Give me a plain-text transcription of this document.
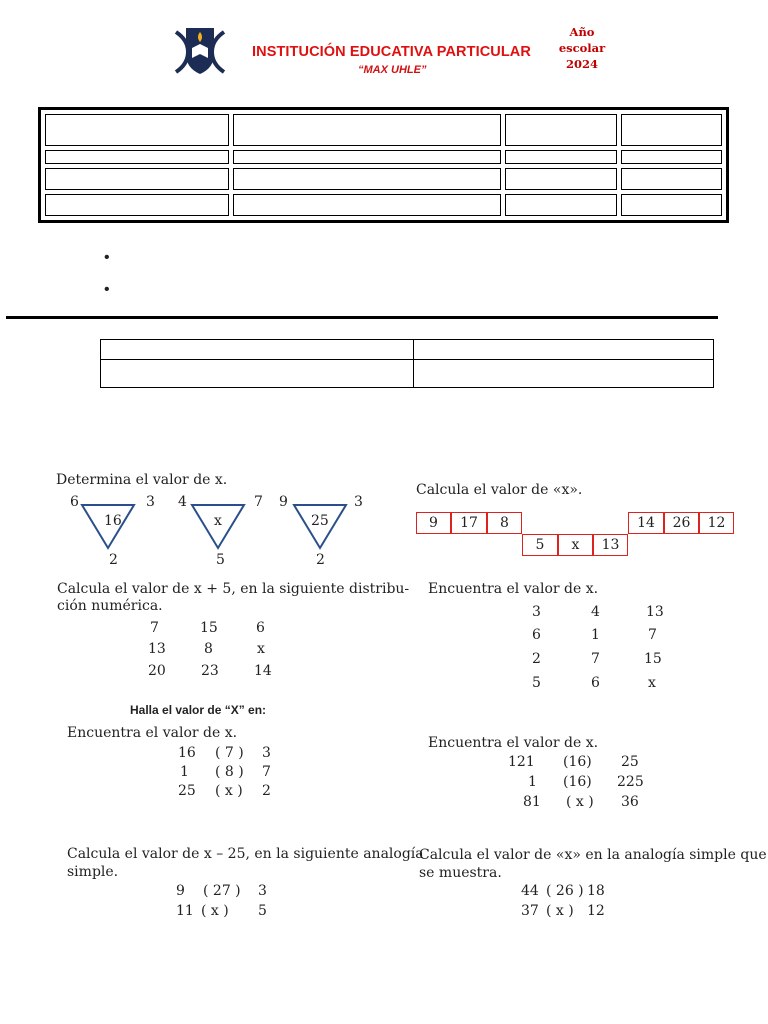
INSTITUCIÓN EDUCATIVA PARTICULAR
“MAX UHLE”
Año
escolar
2024

•
•

Determina el valor de x.
6	3
16
2
4	7
x
5
9	3
25
2
Calcula el valor de x + 5, en la siguiente distribu-
ción numérica.
7	15	6
13	8	x
20	23	14
Halla el valor de “X” en:
Encuentra el valor de x.
16 ( 7 ) 3
1 ( 8 ) 7
25 ( x ) 2
Calcula el valor de x – 25, en la siguiente analogía
simple.
9 ( 27 ) 3
11 ( x ) 5
Calcula el valor de «x».
9	17	8	14	26	12
5	x	13
Encuentra el valor de x.
3	4	13
6	1	7
2	7	15
5	6	x
Encuentra el valor de x.
121 (16) 25
1 (16) 225
81 ( x ) 36
Calcula el valor de «x» en la analogía simple que
se muestra.
44 ( 26 ) 18
37 ( x ) 12
